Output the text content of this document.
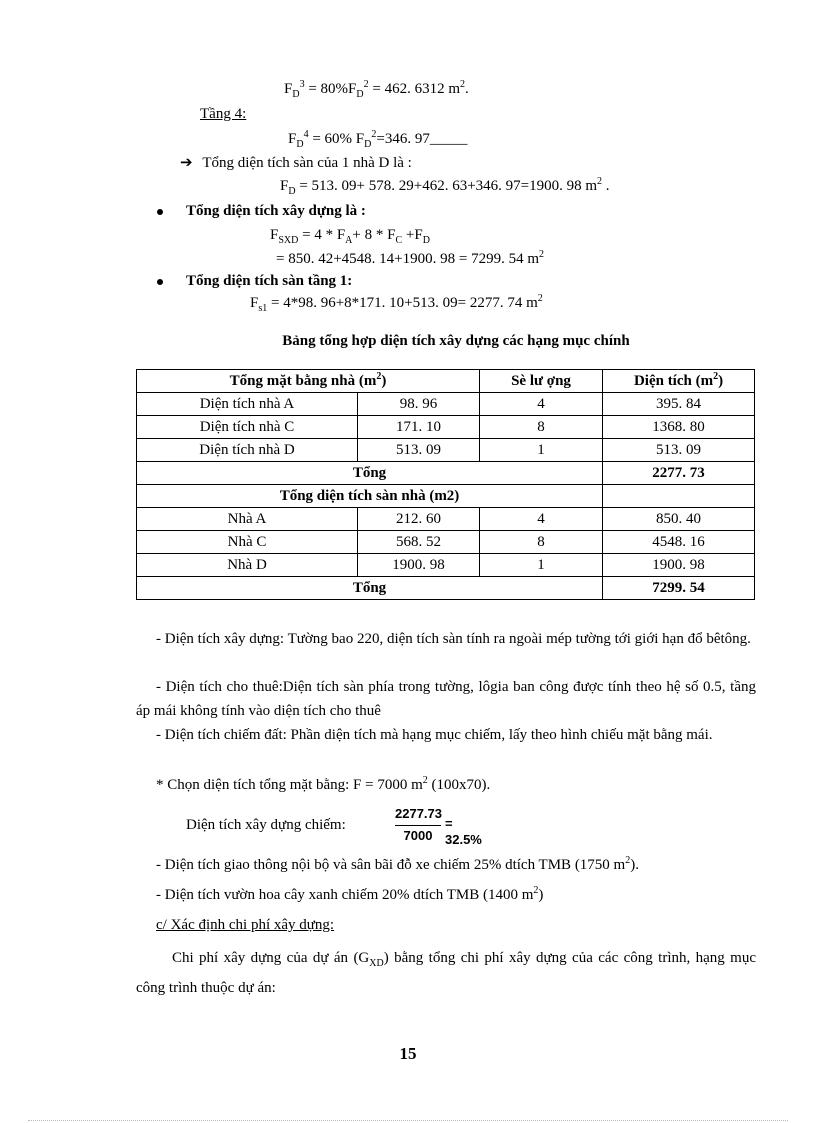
$F_D^3 = 80\%F_D^2 = 462$. 6312 $m^2$.
Tầng 4:
$F_D^4 = 60\%$ $F_D^2=346$. 97_____
➔ Tổng diện tích sàn của 1 nhà D là :
$F_D = 513$. 09+ 578. 29+462. 63+346. 97=1900. 98 $m^2$ .
Tổng diện tích xây dựng là :
$F_{SXD} = 4 * F_A+ 8 * F_C +F_D$
= 850. 42+4548. 14+1900. 98 = 7299. 54 $m^2$
Tổng diện tích sàn tầng 1:
$F_{s1} = 4*98$. 96+8*171. 10+513. 09= 2277. 74 $m^2$
Bảng tổng hợp diện tích xây dựng các hạng mục chính
Tổng mặt bằng nhà $(m^2)$		Sè lư ợng	Diện tích $(m^2)$
Diện tích nhà A	98. 96	4	395. 84
Diện tích nhà C	171. 10	8	1368. 80
Diện tích nhà D	513. 09	1	513. 09
Tổng			2277. 73
Tổng diện tích sàn nhà (m2)			
Nhà A	212. 60	4	850. 40
Nhà C	568. 52	8	4548. 16
Nhà D	1900. 98	1	1900. 98
Tổng			7299. 54
- Diện tích xây dựng: Tường bao 220, diện tích sàn tính ra ngoài mép tường tới giới hạn đổ bêtông.
- Diện tích cho thuê:Diện tích sàn phía trong tường, lôgia ban công được tính theo hệ số 0.5, tầng áp mái không tính vào diện tích cho thuê
- Diện tích chiếm đất: Phần diện tích mà hạng mục chiếm, lấy theo hình chiếu mặt bằng mái.
* Chọn diện tích tổng mặt bằng: F = 7000 $m^2$ (100x70).
Diện tích xây dựng chiếm:
2277.73
7000
= 32.5%
- Diện tích giao thông nội bộ và sân bãi đỗ xe chiếm 25% dtích TMB (1750 $m^2$).
- Diện tích vườn hoa cây xanh chiếm 20% dtích TMB (1400 $m^2$)
c/ Xác định chi phí xây dựng:
Chi phí xây dựng của dự án $(G_{XD})$ bằng tổng chi phí xây dựng của các công trình, hạng mục công trình thuộc dự án:
15
